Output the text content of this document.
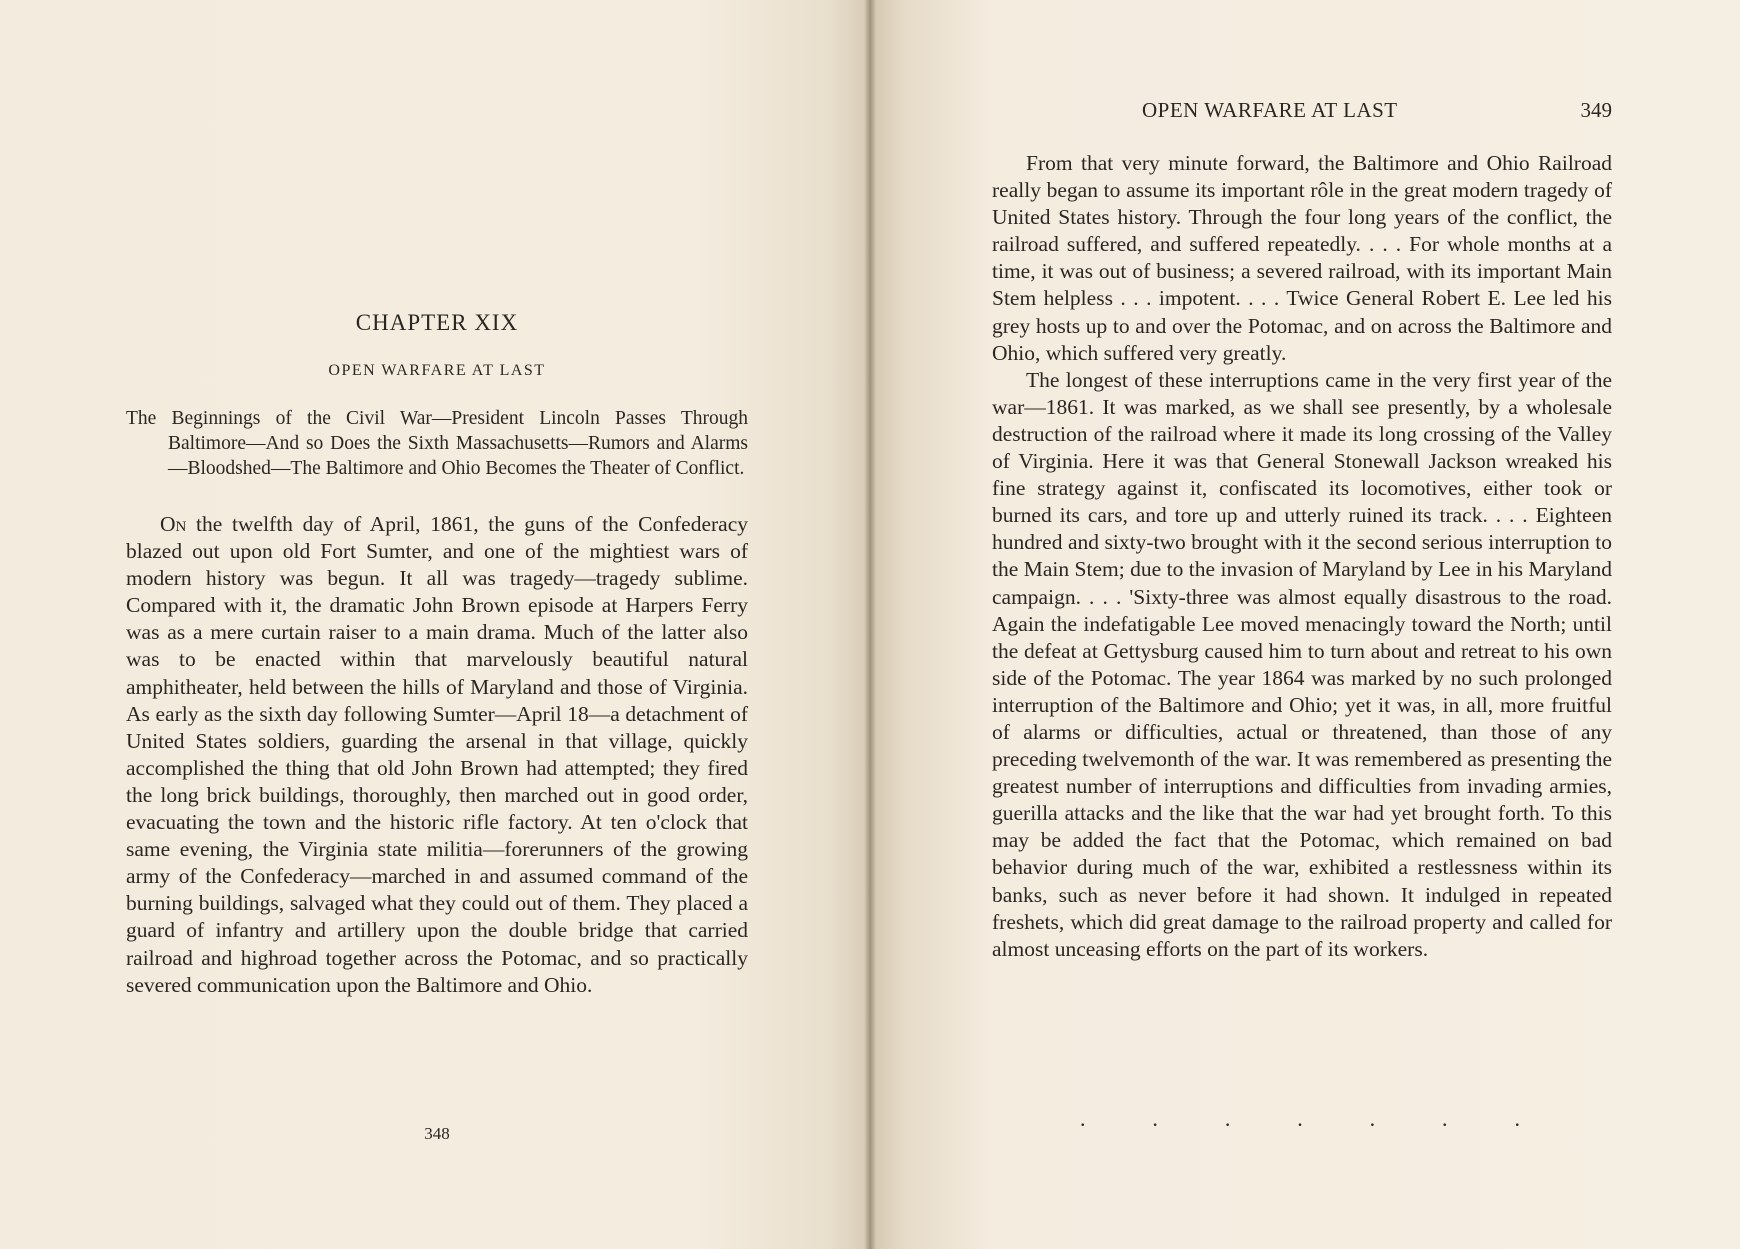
CHAPTER XIX
OPEN WARFARE AT LAST

The Beginnings of the Civil War—President Lincoln Passes Through Baltimore—And so Does the Sixth Massachusetts—Rumors and Alarms—Bloodshed—The Baltimore and Ohio Becomes the Theater of Conflict.

On the twelfth day of April, 1861, the guns of the Confederacy blazed out upon old Fort Sumter, and one of the mightiest wars of modern history was begun. It all was tragedy—tragedy sublime. Compared with it, the dramatic John Brown episode at Harpers Ferry was as a mere curtain raiser to a main drama. Much of the latter also was to be enacted within that marvelously beautiful natural amphitheater, held between the hills of Maryland and those of Virginia. As early as the sixth day following Sumter—April 18—a detachment of United States soldiers, guarding the arsenal in that village, quickly accomplished the thing that old John Brown had attempted; they fired the long brick buildings, thoroughly, then marched out in good order, evacuating the town and the historic rifle factory. At ten o'clock that same evening, the Virginia state militia—forerunners of the growing army of the Confederacy—marched in and assumed command of the burning buildings, salvaged what they could out of them. They placed a guard of infantry and artillery upon the double bridge that carried railroad and highroad together across the Potomac, and so practically severed communication upon the Baltimore and Ohio.

348
OPEN WARFARE AT LAST	349

From that very minute forward, the Baltimore and Ohio Railroad really began to assume its important rôle in the great modern tragedy of United States history. Through the four long years of the conflict, the railroad suffered, and suffered repeatedly. . . . For whole months at a time, it was out of business; a severed railroad, with its important Main Stem helpless . . . impotent. . . . Twice General Robert E. Lee led his grey hosts up to and over the Potomac, and on across the Baltimore and Ohio, which suffered very greatly.

The longest of these interruptions came in the very first year of the war—1861. It was marked, as we shall see presently, by a wholesale destruction of the railroad where it made its long crossing of the Valley of Virginia. Here it was that General Stonewall Jackson wreaked his fine strategy against it, confiscated its locomotives, either took or burned its cars, and tore up and utterly ruined its track. . . . Eighteen hundred and sixty-two brought with it the second serious interruption to the Main Stem; due to the invasion of Maryland by Lee in his Maryland campaign. . . . 'Sixty-three was almost equally disastrous to the road. Again the indefatigable Lee moved menacingly toward the North; until the defeat at Gettysburg caused him to turn about and retreat to his own side of the Potomac. The year 1864 was marked by no such prolonged interruption of the Baltimore and Ohio; yet it was, in all, more fruitful of alarms or difficulties, actual or threatened, than those of any preceding twelvemonth of the war. It was remembered as presenting the greatest number of interruptions and difficulties from invading armies, guerilla attacks and the like that the war had yet brought forth. To this may be added the fact that the Potomac, which remained on bad behavior during much of the war, exhibited a restlessness within its banks, such as never before it had shown. It indulged in repeated freshets, which did great damage to the railroad property and called for almost unceasing efforts on the part of its workers.

.	.	.	.	.	.	.
